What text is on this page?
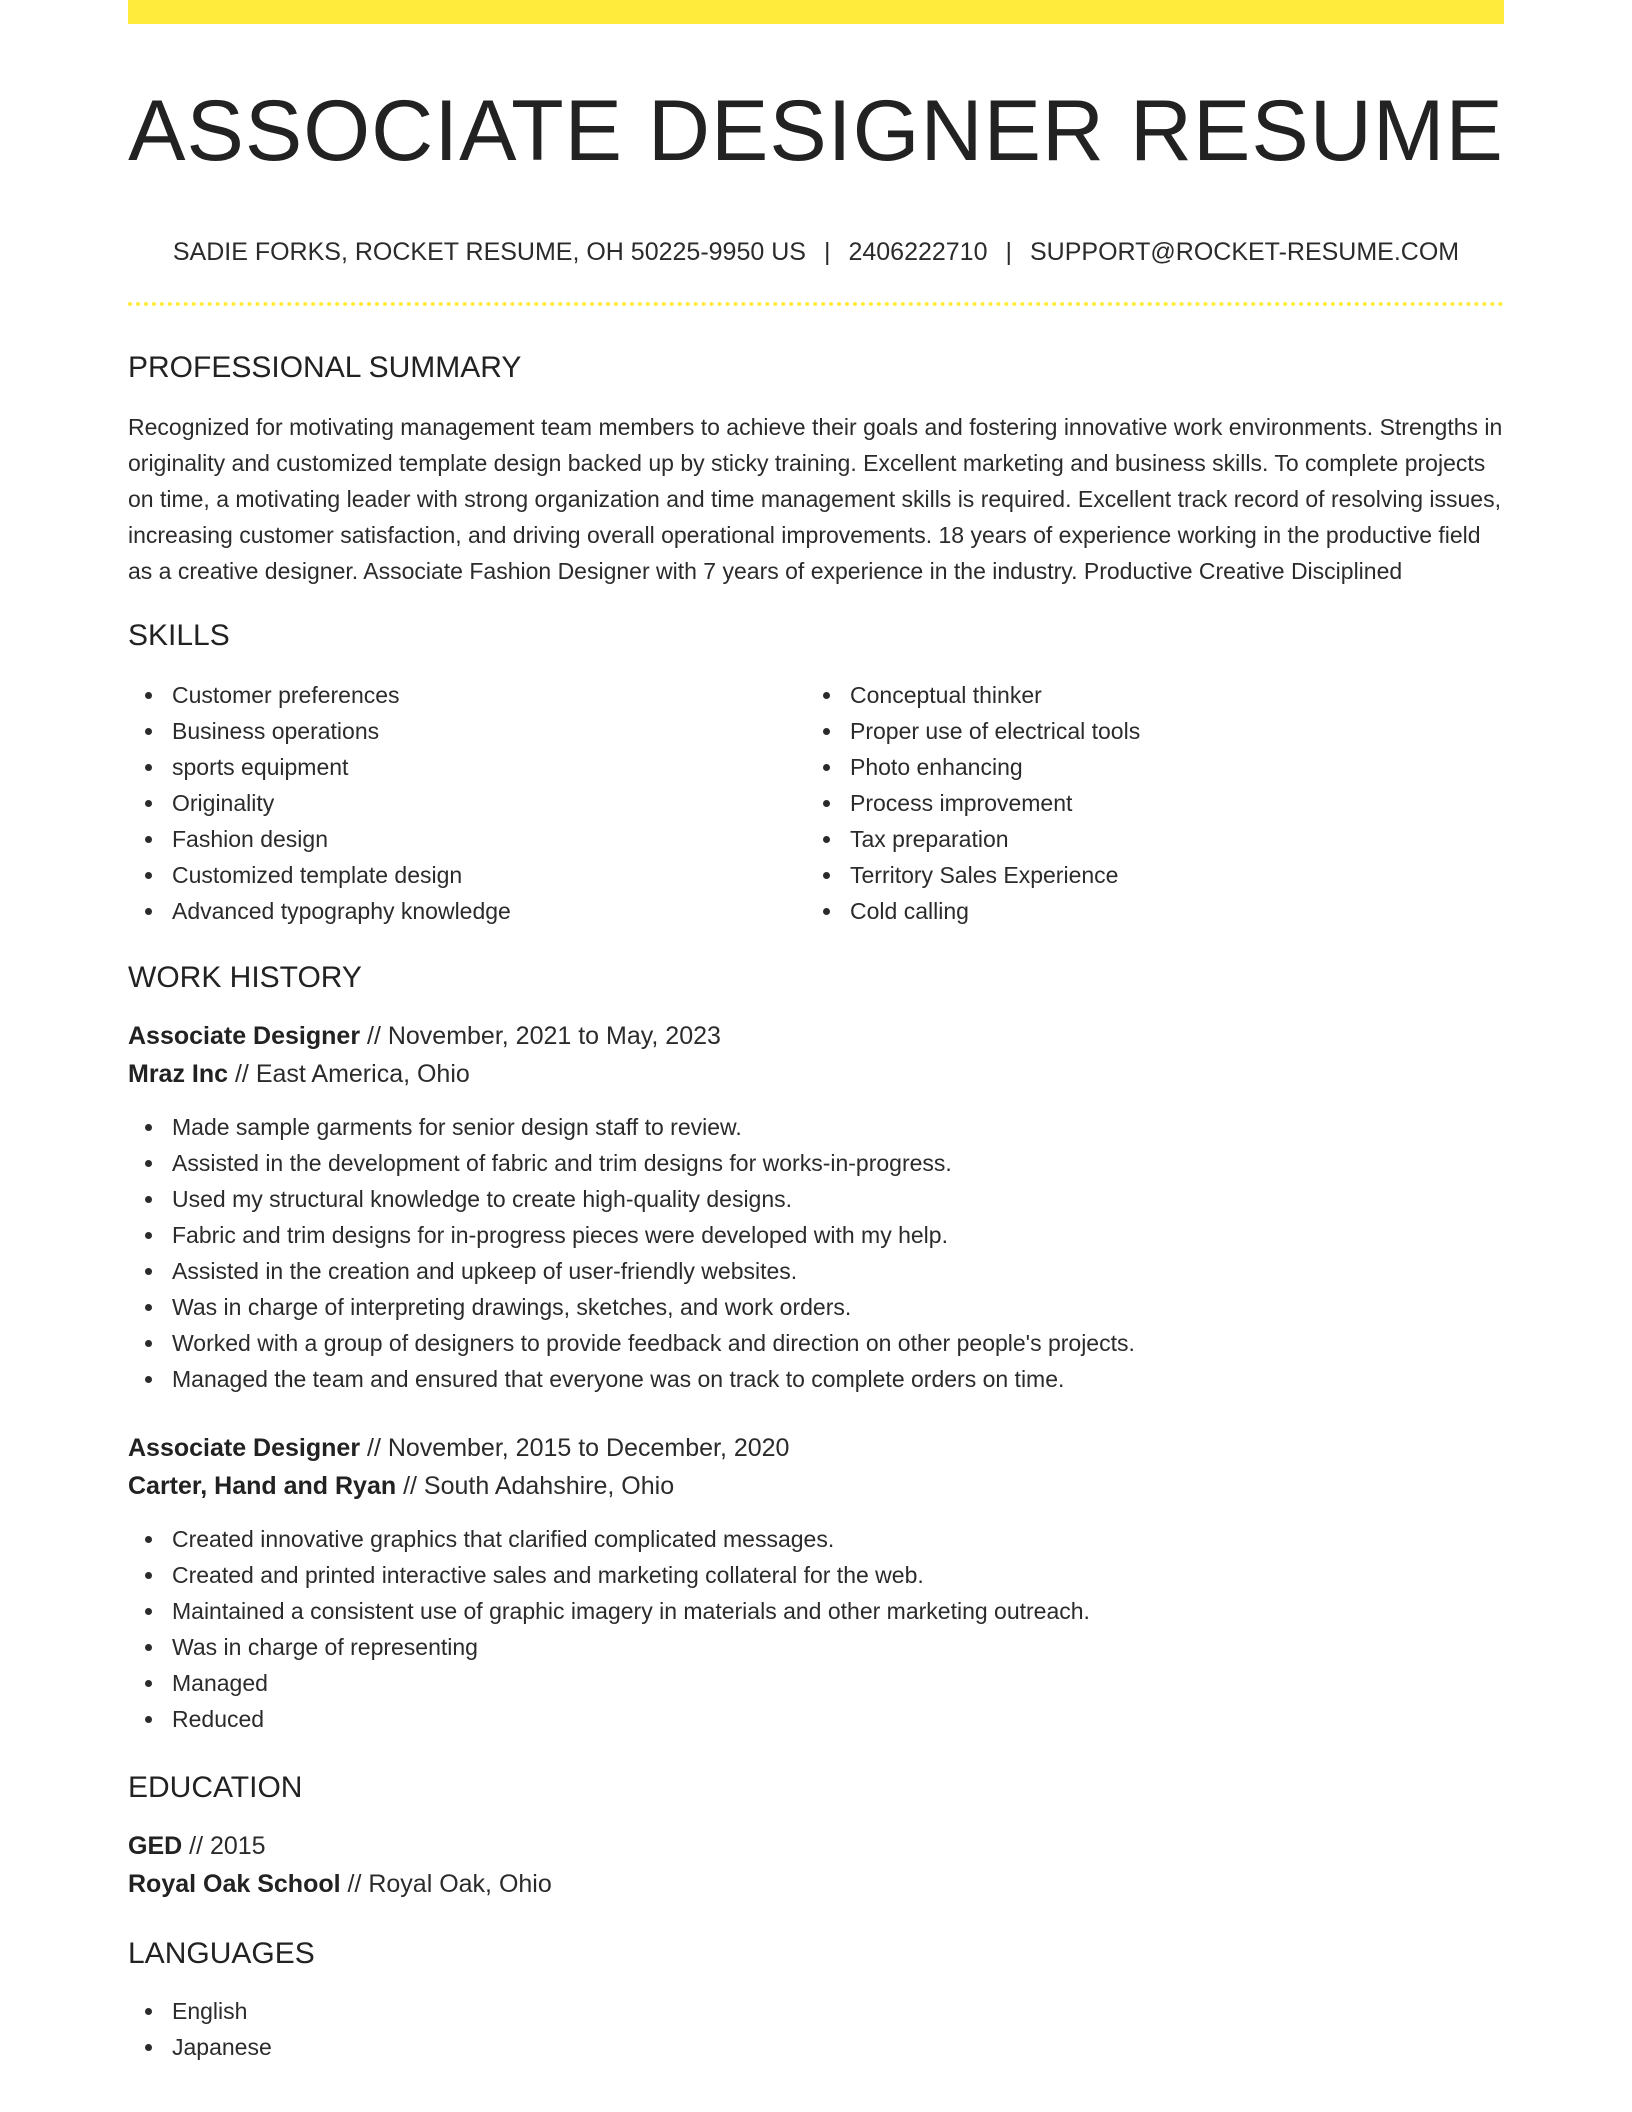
ASSOCIATE DESIGNER RESUME
SADIE FORKS, ROCKET RESUME, OH 50225-9950 US | 2406222710 | SUPPORT@ROCKET-RESUME.COM
PROFESSIONAL SUMMARY

Recognized for motivating management team members to achieve their goals and fostering innovative work environments. Strengths in originality and customized template design backed up by sticky training. Excellent marketing and business skills. To complete projects on time, a motivating leader with strong organization and time management skills is required. Excellent track record of resolving issues, increasing customer satisfaction, and driving overall operational improvements. 18 years of experience working in the productive field as a creative designer. Associate Fashion Designer with 7 years of experience in the industry. Productive Creative Disciplined

SKILLS
Customer preferences
Business operations
sports equipment
Originality
Fashion design
Customized template design
Advanced typography knowledge
Conceptual thinker
Proper use of electrical tools
Photo enhancing
Process improvement
Tax preparation
Territory Sales Experience
Cold calling
WORK HISTORY
Associate Designer // November, 2021 to May, 2023
Mraz Inc // East America, Ohio
Made sample garments for senior design staff to review.
Assisted in the development of fabric and trim designs for works-in-progress.
Used my structural knowledge to create high-quality designs.
Fabric and trim designs for in-progress pieces were developed with my help.
Assisted in the creation and upkeep of user-friendly websites.
Was in charge of interpreting drawings, sketches, and work orders.
Worked with a group of designers to provide feedback and direction on other people's projects.
Managed the team and ensured that everyone was on track to complete orders on time.
Associate Designer // November, 2015 to December, 2020
Carter, Hand and Ryan // South Adahshire, Ohio
Created innovative graphics that clarified complicated messages.
Created and printed interactive sales and marketing collateral for the web.
Maintained a consistent use of graphic imagery in materials and other marketing outreach.
Was in charge of representing
Managed
Reduced
EDUCATION
GED // 2015
Royal Oak School // Royal Oak, Ohio
LANGUAGES
English
Japanese
